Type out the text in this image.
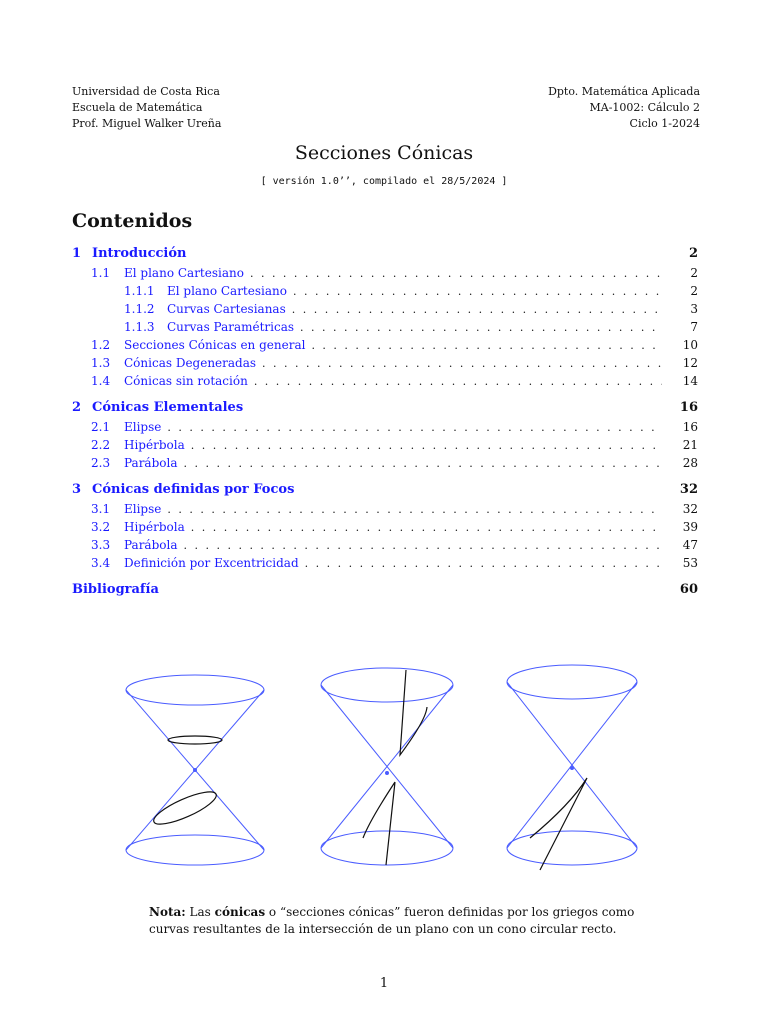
Universidad de Costa Rica
Escuela de Matemática
Prof. Miguel Walker Ureña
Dpto. Matemática Aplicada
MA-1002: Cálculo 2
Ciclo 1-2024
Secciones Cónicas
[ versión 1.0’’, compilado el 28/5/2024 ]
Contenidos
1 Introducción	2
1.1	El plano Cartesiano . . .	2
1.1.1	El plano Cartesiano . . .	2
1.1.2	Curvas Cartesianas . . .	3
1.1.3	Curvas Paramétricas . . .	7
1.2	Secciones Cónicas en general . . .	10
1.3	Cónicas Degeneradas . . .	12
1.4	Cónicas sin rotación . . .	14
2 Cónicas Elementales	16
2.1	Elipse . . .	16
2.2	Hipérbola . . .	21
2.3	Parábola . . .	28
3 Cónicas definidas por Focos	32
3.1	Elipse . . .	32
3.2	Hipérbola . . .	39
3.3	Parábola . . .	47
3.4	Definición por Excentricidad . . .	53
Bibliografía	60
Nota: Las cónicas o “secciones cónicas” fueron definidas por los griegos como curvas resultantes de la intersección de un plano con un cono circular recto.
1
